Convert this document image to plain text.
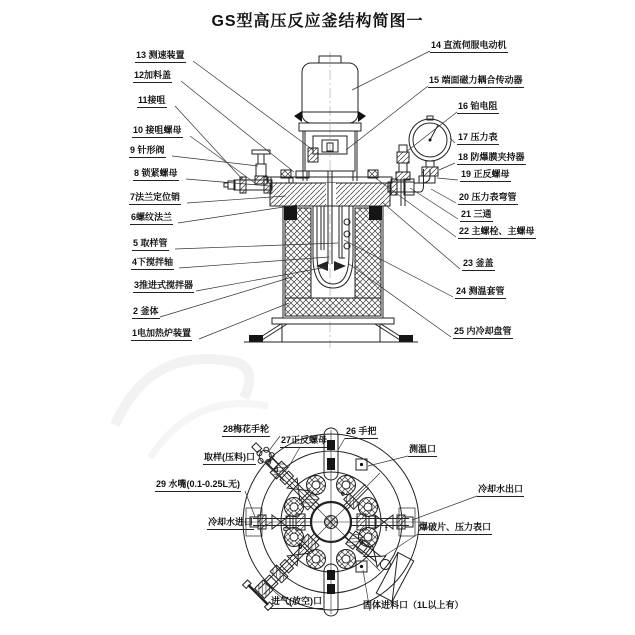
GS型高压反应釜结构简图一
13 测速装置
12加料盖
11接咀
10 接咀螺母
9 针形阀
8 锁紧螺母
7法兰定位销
6螺纹法兰
5 取样管
4下搅拌轴
3推进式搅拌器
2 釜体
1电加热炉装置
14 直流伺服电动机
15 端面磁力耦合传动器
16 铂电阻
17 压力表
18 防爆膜夹持器
19 正反螺母
20 压力表弯管
21 三通
22 主螺栓、主螺母
23 釜盖
24 测温套管
25 内冷却盘管
28梅花手轮
27正反螺母
26 手把
取样(压料)口
测温口
29 水嘴(0.1-0.25L无)	冷却水出口
冷却水进口	爆破片、压力表口
进气(放空)口	固体进料口（1L以上有）
d
c
b
e
f
g
